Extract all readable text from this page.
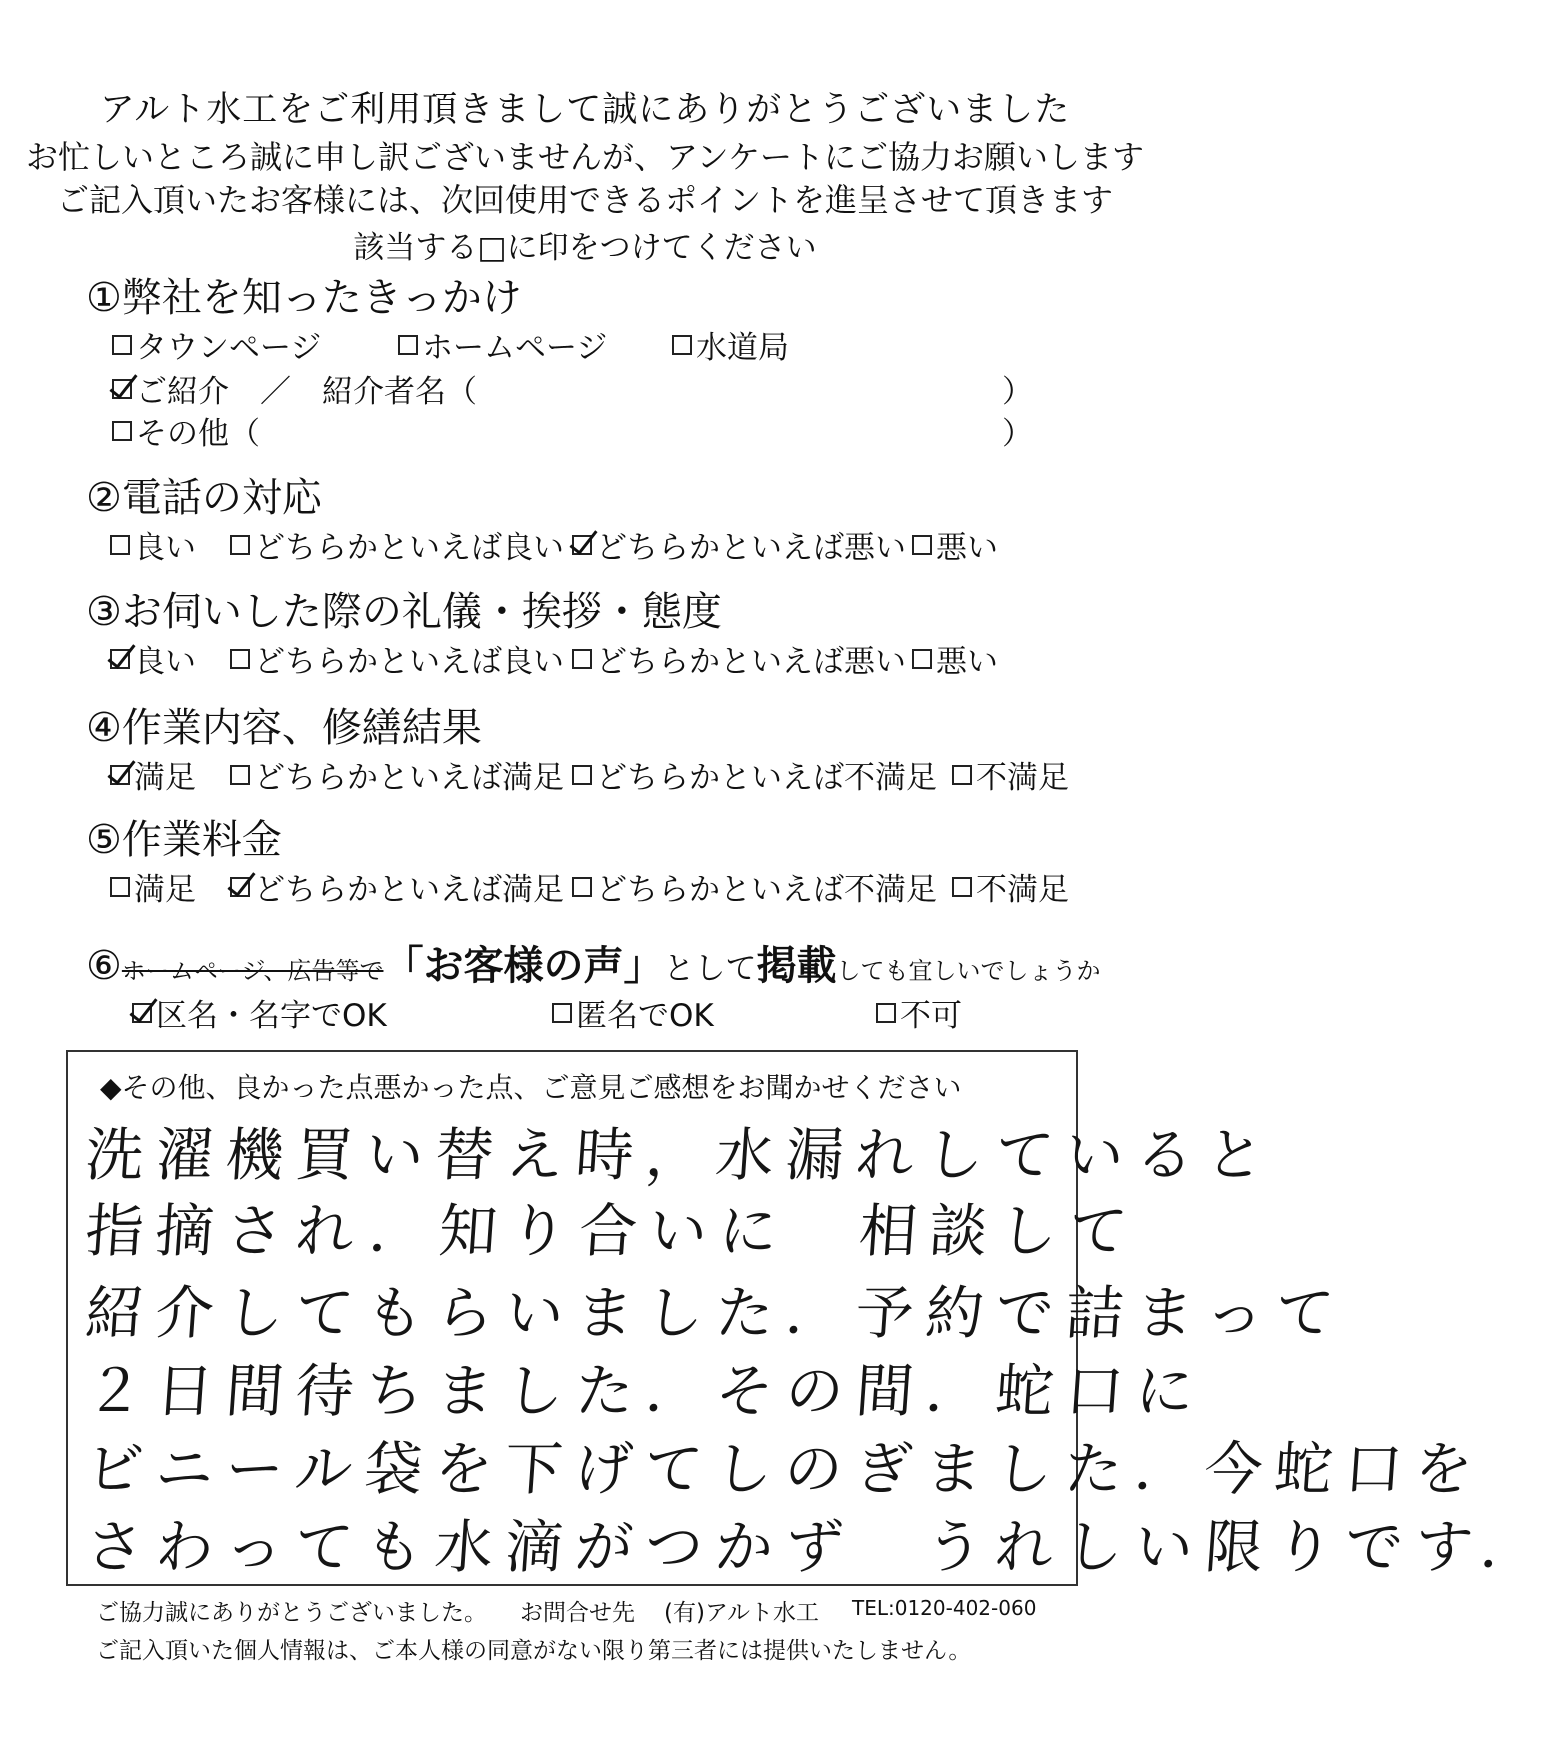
アルト水工をご利用頂きまして誠にありがとうございました
お忙しいところ誠に申し訳ございませんが、アンケートにご協力お願いします
ご記入頂いたお客様には、次回使用できるポイントを進呈させて頂きます
該当する□に印をつけてください
①弊社を知ったきっかけ
タウンページ	ホームページ	水道局
ご紹介　／　紹介者名（	）
その他（	）
②電話の対応
良い どちらかといえば良い どちらかといえば悪い 悪い
③お伺いした際の礼儀・挨拶・態度
良い どちらかといえば良い どちらかといえば悪い 悪い
④作業内容、修繕結果
満足 どちらかといえば満足 どちらかといえば不満足 不満足
⑤作業料金
満足 どちらかといえば満足 どちらかといえば不満足 不満足
⑥ ホームページ、広告等で 「お客様の声」 として 掲載 しても宜しいでしょうか
区名・名字でOK	匿名でOK	不可
◆その他、良かった点悪かった点、ご意見ご感想をお聞かせください
洗濯機買い替え時，水漏れしていると
指摘され．知り合いに　相談して
紹介してもらいました．予約で詰まって
２日間待ちました．その間．蛇口に
ビニール袋を下げてしのぎました．今蛇口を
さわっても水滴がつかず　うれしい限りです．
ご協力誠にありがとうございました。 お問合せ先 (有)アルト水工 TEL:0120-402-060
ご記入頂いた個人情報は、ご本人様の同意がない限り第三者には提供いたしません。
